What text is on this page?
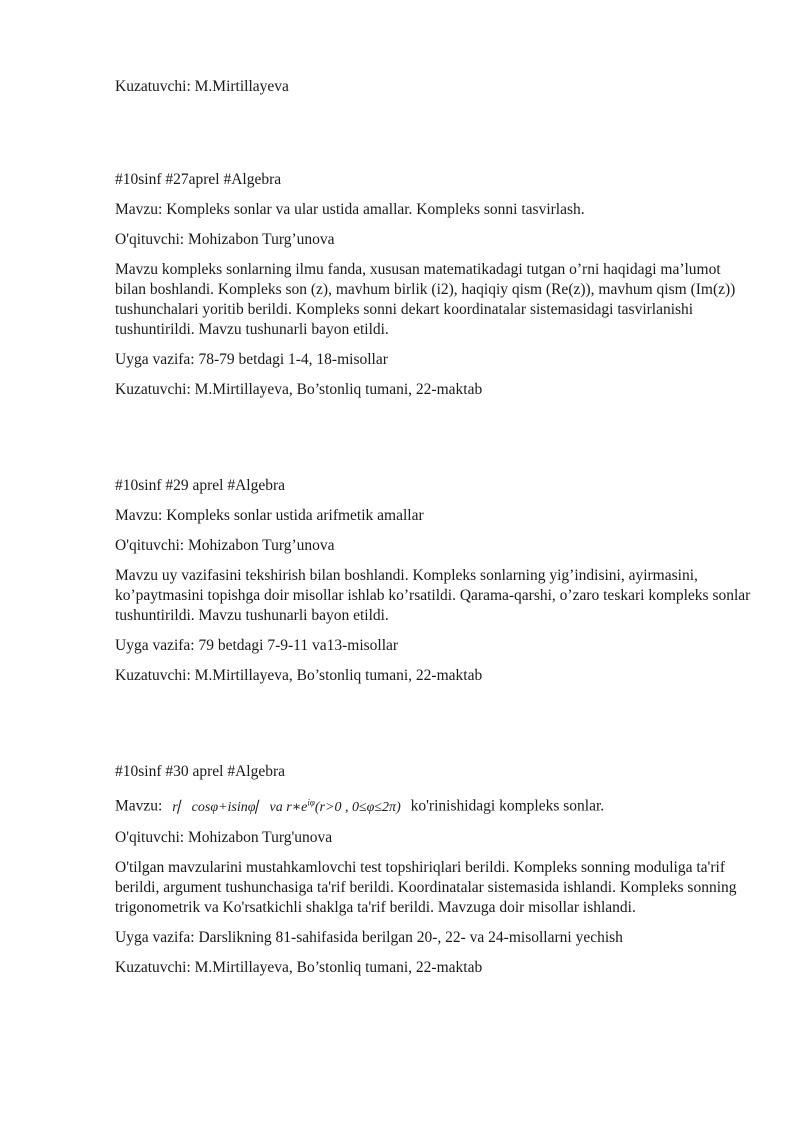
Kuzatuvchi: M.Mirtillayeva

#10sinf #27aprel #Algebra

Mavzu: Kompleks sonlar va ular ustida amallar. Kompleks sonni tasvirlash.

O'qituvchi: Mohizabon Turg’unova

Mavzu kompleks sonlarning ilmu fanda, xususan matematikadagi tutgan o’rni haqidagi ma’lumot bilan boshlandi. Kompleks son (z), mavhum birlik (i2), haqiqiy qism (Re(z)), mavhum qism (Im(z)) tushunchalari yoritib berildi. Kompleks sonni dekart koordinatalar sistemasidagi tasvirlanishi tushuntirildi. Mavzu tushunarli bayon etildi.

Uyga vazifa: 78-79 betdagi 1-4, 18-misollar

Kuzatuvchi: M.Mirtillayeva, Bo’stonliq tumani, 22-maktab

#10sinf #29 aprel #Algebra

Mavzu: Kompleks sonlar ustida arifmetik amallar

O'qituvchi: Mohizabon Turg’unova

Mavzu uy vazifasini tekshirish bilan boshlandi. Kompleks sonlarning yig’indisini, ayirmasini, ko’paytmasini topishga doir misollar ishlab ko’rsatildi. Qarama-qarshi, o’zaro teskari kompleks sonlar tushuntirildi. Mavzu tushunarli bayon etildi.

Uyga vazifa: 79 betdagi 7-9-11 va13-misollar

Kuzatuvchi: M.Mirtillayeva, Bo’stonliq tumani, 22-maktab

#10sinf #30 aprel #Algebra

Mavzu: r⎸cosφ+isinφ⎸va $r∗e^{i\varphi}(r>0$ , 0≤φ≤2π) ko'rinishidagi kompleks sonlar.

O'qituvchi: Mohizabon Turg'unova

O'tilgan mavzularini mustahkamlovchi test topshiriqlari berildi. Kompleks sonning moduliga ta'rif berildi, argument tushunchasiga ta'rif berildi. Koordinatalar sistemasida ishlandi. Kompleks sonning trigonometrik va Ko'rsatkichli shaklga ta'rif berildi. Mavzuga doir misollar ishlandi.

Uyga vazifa: Darslikning 81-sahifasida berilgan 20-, 22- va 24-misollarni yechish

Kuzatuvchi: M.Mirtillayeva, Bo’stonliq tumani, 22-maktab
